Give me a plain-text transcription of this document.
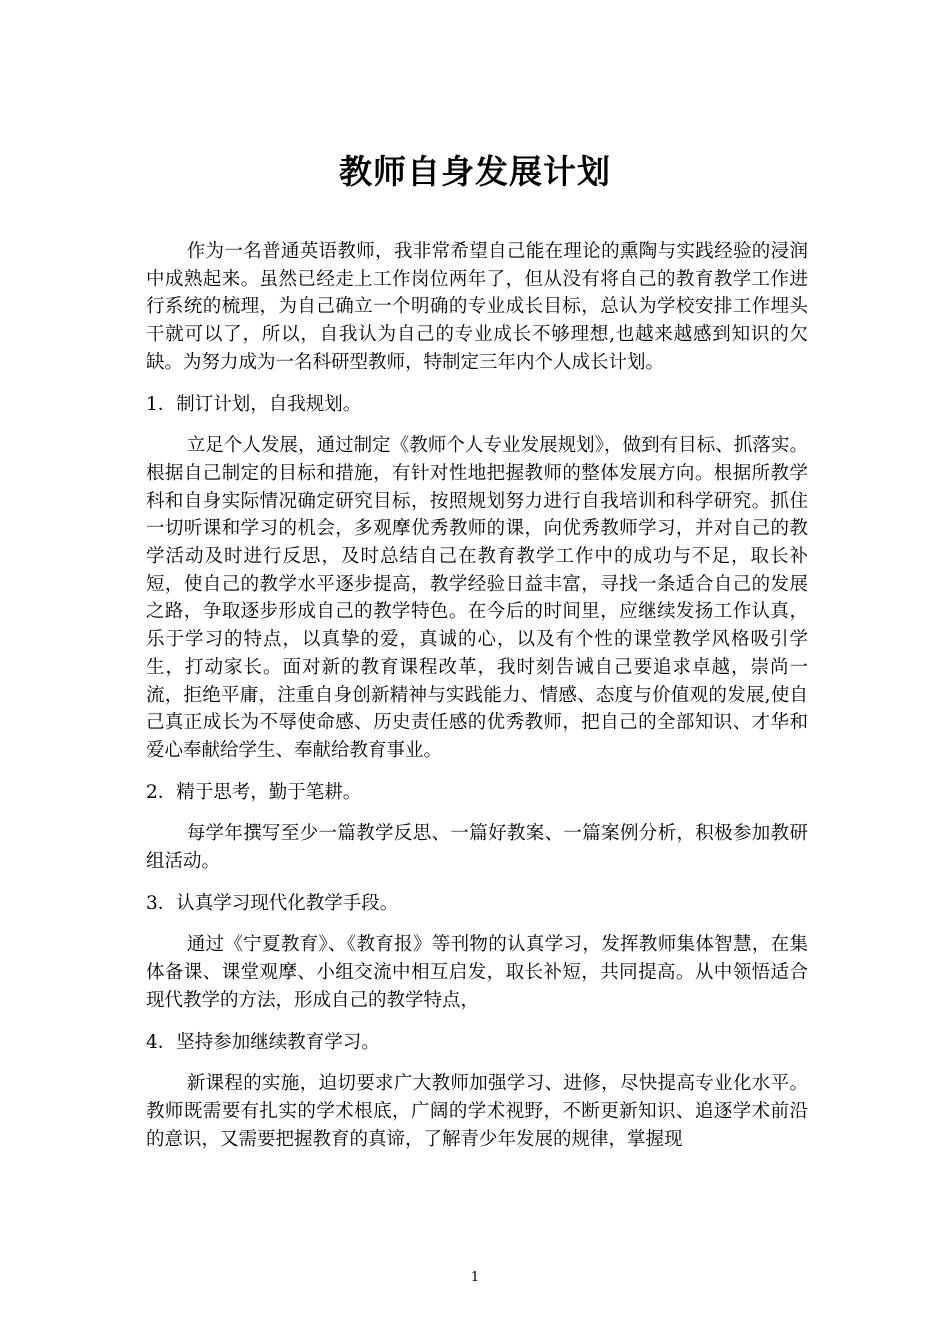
教师自身发展计划

作为一名普通英语教师，我非常希望自己能在理论的熏陶与实践经验的浸润中成熟起来。虽然已经走上工作岗位两年了，但从没有将自己的教育教学工作进行系统的梳理，为自己确立一个明确的专业成长目标，总认为学校安排工作埋头干就可以了，所以，自我认为自己的专业成长不够理想,也越来越感到知识的欠缺。为努力成为一名科研型教师，特制定三年内个人成长计划。

1．制订计划，自我规划。

立足个人发展，通过制定《教师个人专业发展规划》，做到有目标、抓落实。根据自己制定的目标和措施，有针对性地把握教师的整体发展方向。根据所教学科和自身实际情况确定研究目标，按照规划努力进行自我培训和科学研究。抓住一切听课和学习的机会，多观摩优秀教师的课，向优秀教师学习，并对自己的教学活动及时进行反思，及时总结自己在教育教学工作中的成功与不足，取长补短，使自己的教学水平逐步提高，教学经验日益丰富，寻找一条适合自己的发展之路，争取逐步形成自己的教学特色。在今后的时间里，应继续发扬工作认真，乐于学习的特点，以真挚的爱，真诚的心，以及有个性的课堂教学风格吸引学生，打动家长。面对新的教育课程改革，我时刻告诫自己要追求卓越，崇尚一流，拒绝平庸，注重自身创新精神与实践能力、情感、态度与价值观的发展,使自己真正成长为不辱使命感、历史责任感的优秀教师，把自己的全部知识、才华和爱心奉献给学生、奉献给教育事业。

2．精于思考，勤于笔耕。

每学年撰写至少一篇教学反思、一篇好教案、一篇案例分析，积极参加教研组活动。

3．认真学习现代化教学手段。

通过《宁夏教育》、《教育报》等刊物的认真学习，发挥教师集体智慧，在集体备课、课堂观摩、小组交流中相互启发，取长补短，共同提高。从中领悟适合现代教学的方法，形成自己的教学特点，

4．坚持参加继续教育学习。

新课程的实施，迫切要求广大教师加强学习、进修，尽快提高专业化水平。教师既需要有扎实的学术根底，广阔的学术视野，不断更新知识、追逐学术前沿的意识，又需要把握教育的真谛，了解青少年发展的规律，掌握现

1
